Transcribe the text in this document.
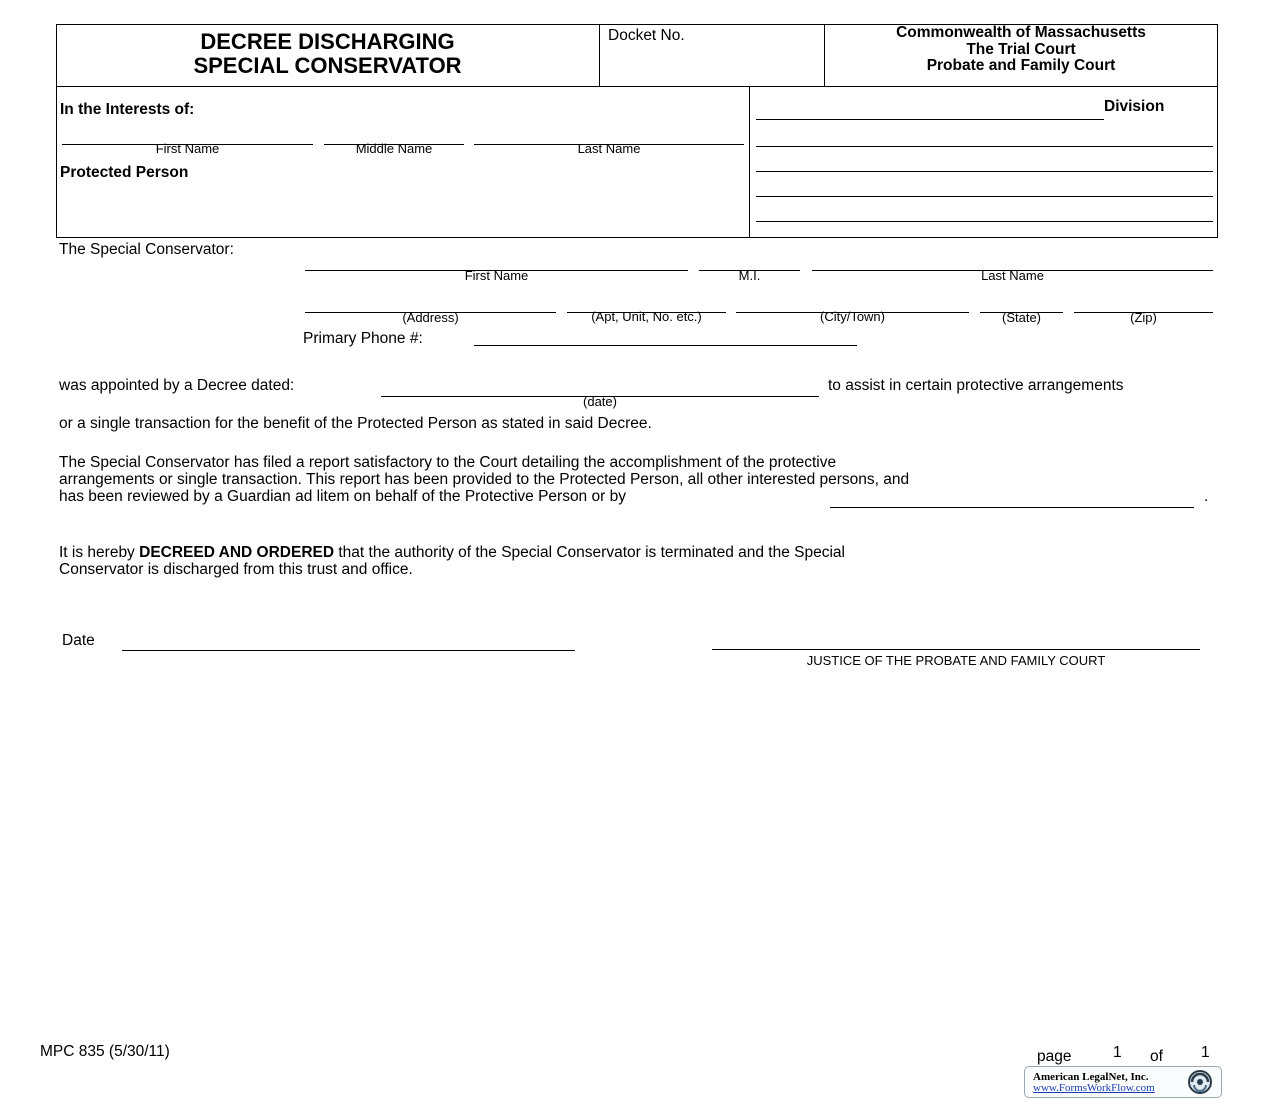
DECREE DISCHARGING
SPECIAL CONSERVATOR
Docket No.	Commonwealth of Massachusetts
The Trial Court
Probate and Family Court
In the Interests of:
First Name	Middle Name	Last Name
Protected Person
Division
The Special Conservator:
First Name	M.I.	Last Name
(Address)	(Apt, Unit, No. etc.)	(City/Town)	(State)	(Zip)
Primary Phone #:
was appointed by a Decree dated:
(date)
to assist in certain protective arrangements
or a single transaction for the benefit of the Protected Person as stated in said Decree.
The Special Conservator has filed a report satisfactory to the Court detailing the accomplishment of the protective
arrangements or single transaction. This report has been provided to the Protected Person, all other interested persons, and
has been reviewed by a Guardian ad litem on behalf of the Protective Person or by	.
It is hereby DECREED AND ORDERED that the authority of the Special Conservator is terminated and the Special
Conservator is discharged from this trust and office.
Date
JUSTICE OF THE PROBATE AND FAMILY COURT
MPC 835 (5/30/11)	page	1 of 1
American LegalNet, Inc.
www.FormsWorkFlow.com
